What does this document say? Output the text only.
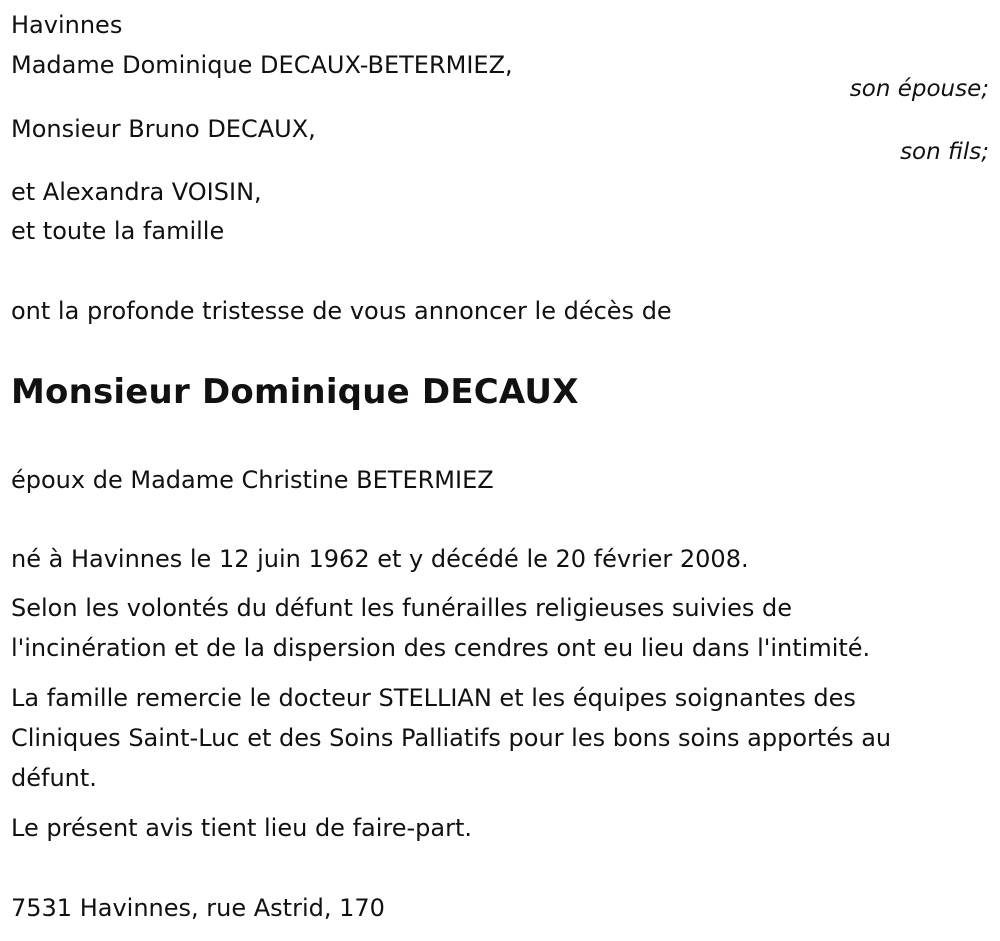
Havinnes
Madame Dominique DECAUX-BETERMIEZ,
son épouse;
Monsieur Bruno DECAUX,
son fils;
et Alexandra VOISIN,
et toute la famille
ont la profonde tristesse de vous annoncer le décès de
Monsieur Dominique DECAUX
époux de Madame Christine BETERMIEZ
né à Havinnes le 12 juin 1962 et y décédé le 20 février 2008.
Selon les volontés du défunt les funérailles religieuses suivies de
l'incinération et de la dispersion des cendres ont eu lieu dans l'intimité.
La famille remercie le docteur STELLIAN et les équipes soignantes des
Cliniques Saint-Luc et des Soins Palliatifs pour les bons soins apportés au
défunt.
Le présent avis tient lieu de faire-part.
7531 Havinnes, rue Astrid, 170
